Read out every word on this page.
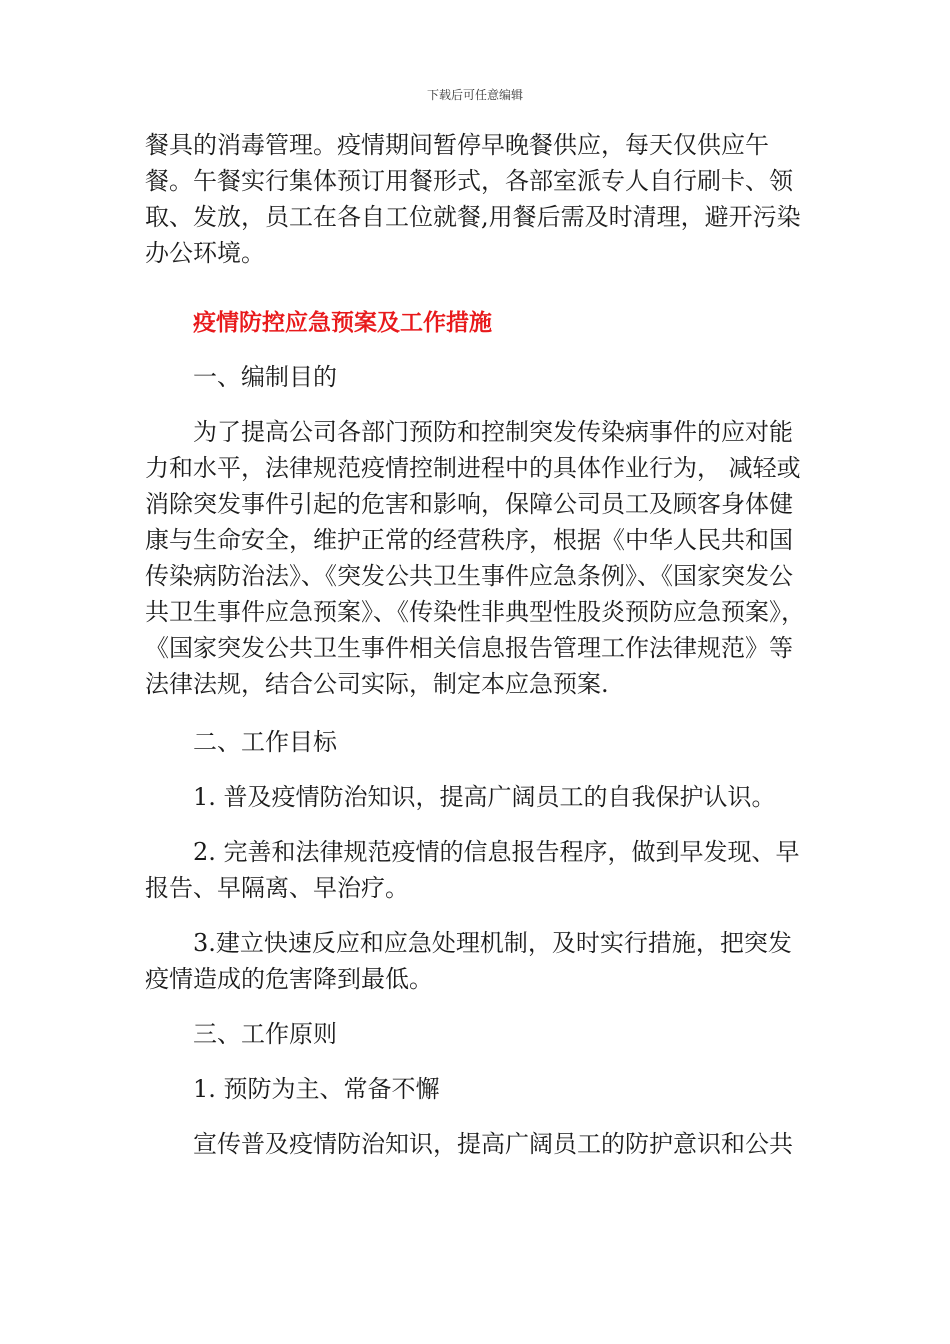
下载后可任意编辑

餐具的消毒管理。疫情期间暂停早晚餐供应，每天仅供应午餐。午餐实行集体预订用餐形式，各部室派专人自行刷卡、领取、发放，员工在各自工位就餐,用餐后需及时清理，避开污染办公环境。

疫情防控应急预案及工作措施

一、编制目的

为了提高公司各部门预防和控制突发传染病事件的应对能力和水平，法律规范疫情控制进程中的具体作业行为， 减轻或消除突发事件引起的危害和影响，保障公司员工及顾客身体健康与生命安全，维护正常的经营秩序，根据《中华人民共和国传染病防治法》、《突发公共卫生事件应急条例》、《国家突发公共卫生事件应急预案》、《传染性非典型性股炎预防应急预案》，《国家突发公共卫生事件相关信息报告管理工作法律规范》等法律法规，结合公司实际，制定本应急预案.

二、工作目标

1. 普及疫情防治知识，提高广阔员工的自我保护认识。

2. 完善和法律规范疫情的信息报告程序，做到早发现、早报告、早隔离、早治疗。

3.建立快速反应和应急处理机制，及时实行措施，把突发疫情造成的危害降到最低。

三、工作原则

1. 预防为主、常备不懈

宣传普及疫情防治知识，提高广阔员工的防护意识和公共
